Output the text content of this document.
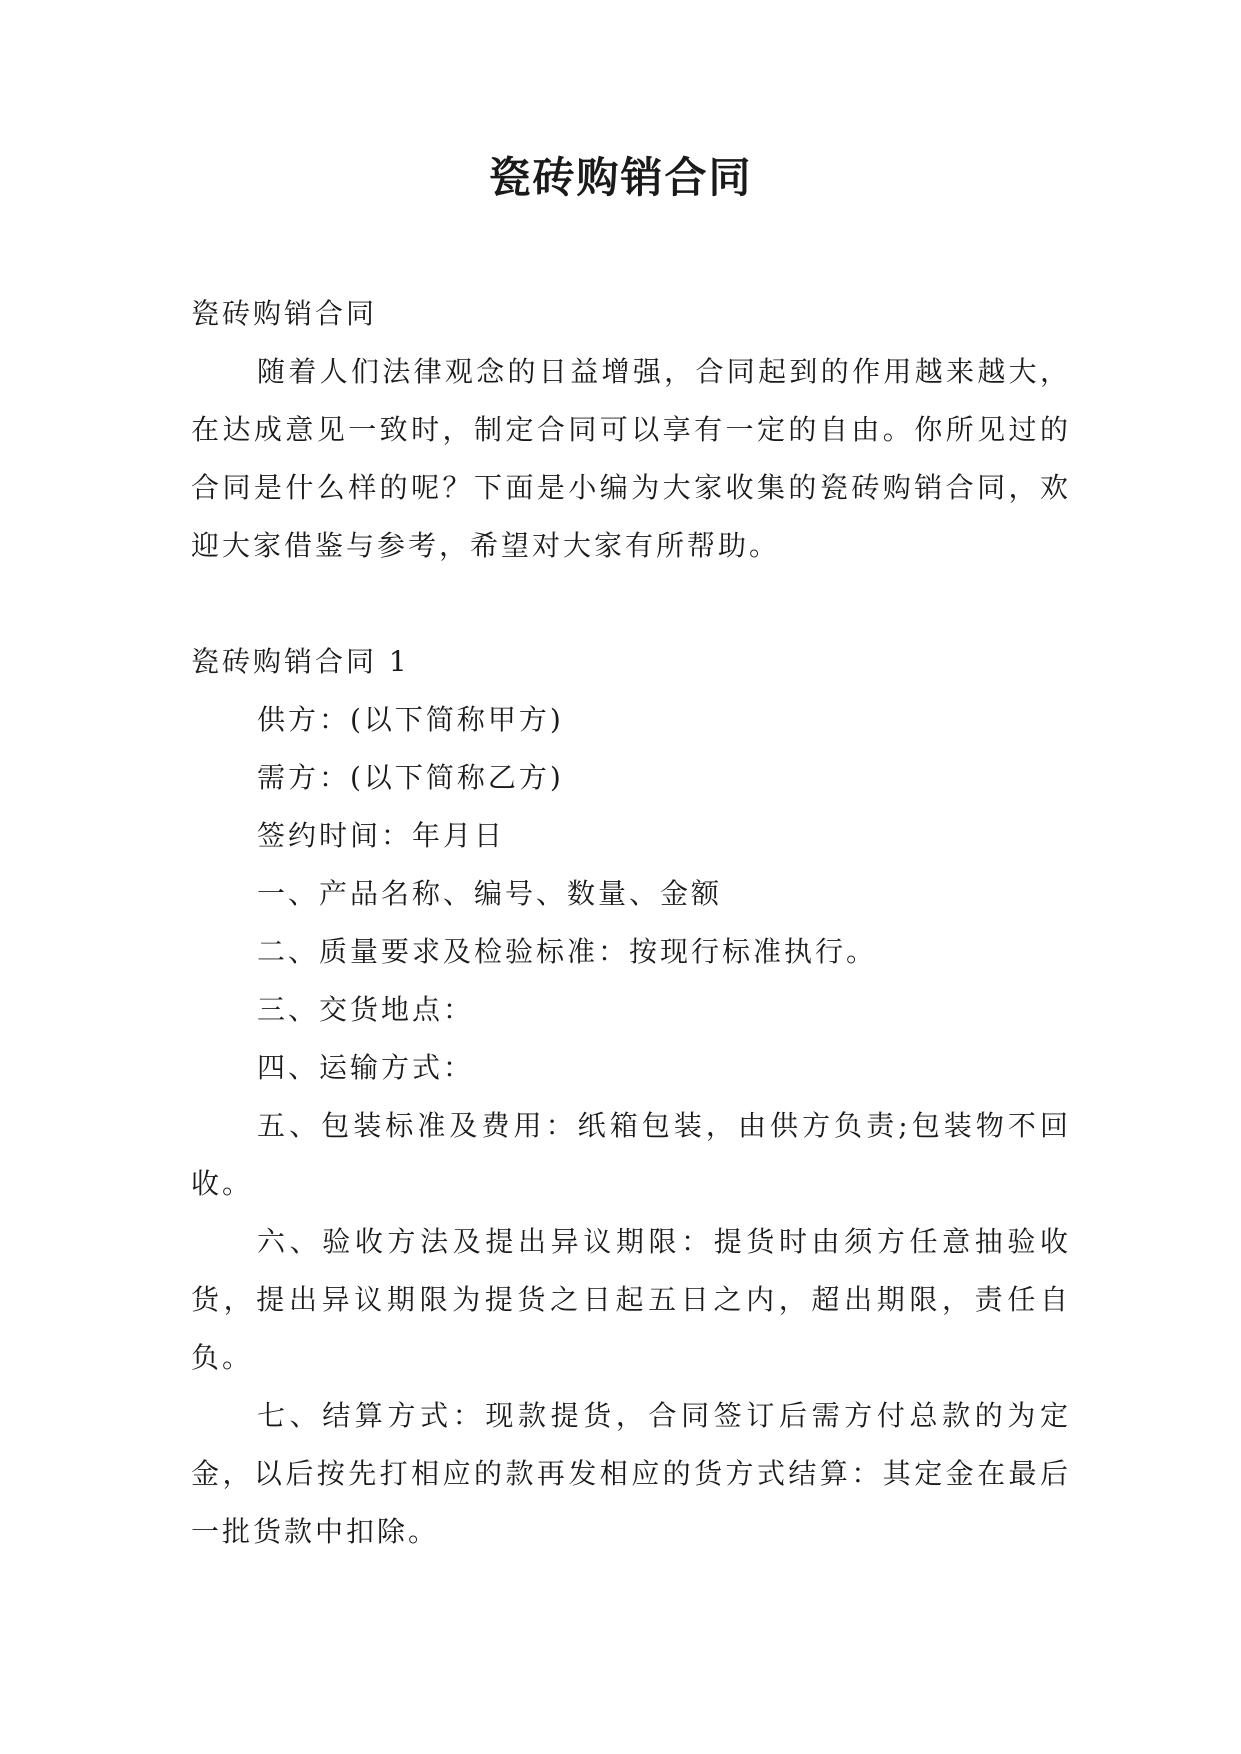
瓷砖购销合同

瓷砖购销合同

随着人们法律观念的日益增强，合同起到的作用越来越大，在达成意见一致时，制定合同可以享有一定的自由。你所见过的合同是什么样的呢？下面是小编为大家收集的瓷砖购销合同，欢迎大家借鉴与参考，希望对大家有所帮助。

瓷砖购销合同 1

供方：(以下简称甲方)

需方：(以下简称乙方)

签约时间：年月日

一、产品名称、编号、数量、金额

二、质量要求及检验标准：按现行标准执行。

三、交货地点：

四、运输方式：

五、包装标准及费用：纸箱包装，由供方负责;包装物不回收。

六、验收方法及提出异议期限：提货时由须方任意抽验收货，提出异议期限为提货之日起五日之内，超出期限，责任自负。

七、结算方式：现款提货，合同签订后需方付总款的为定金，以后按先打相应的款再发相应的货方式结算：其定金在最后一批货款中扣除。
